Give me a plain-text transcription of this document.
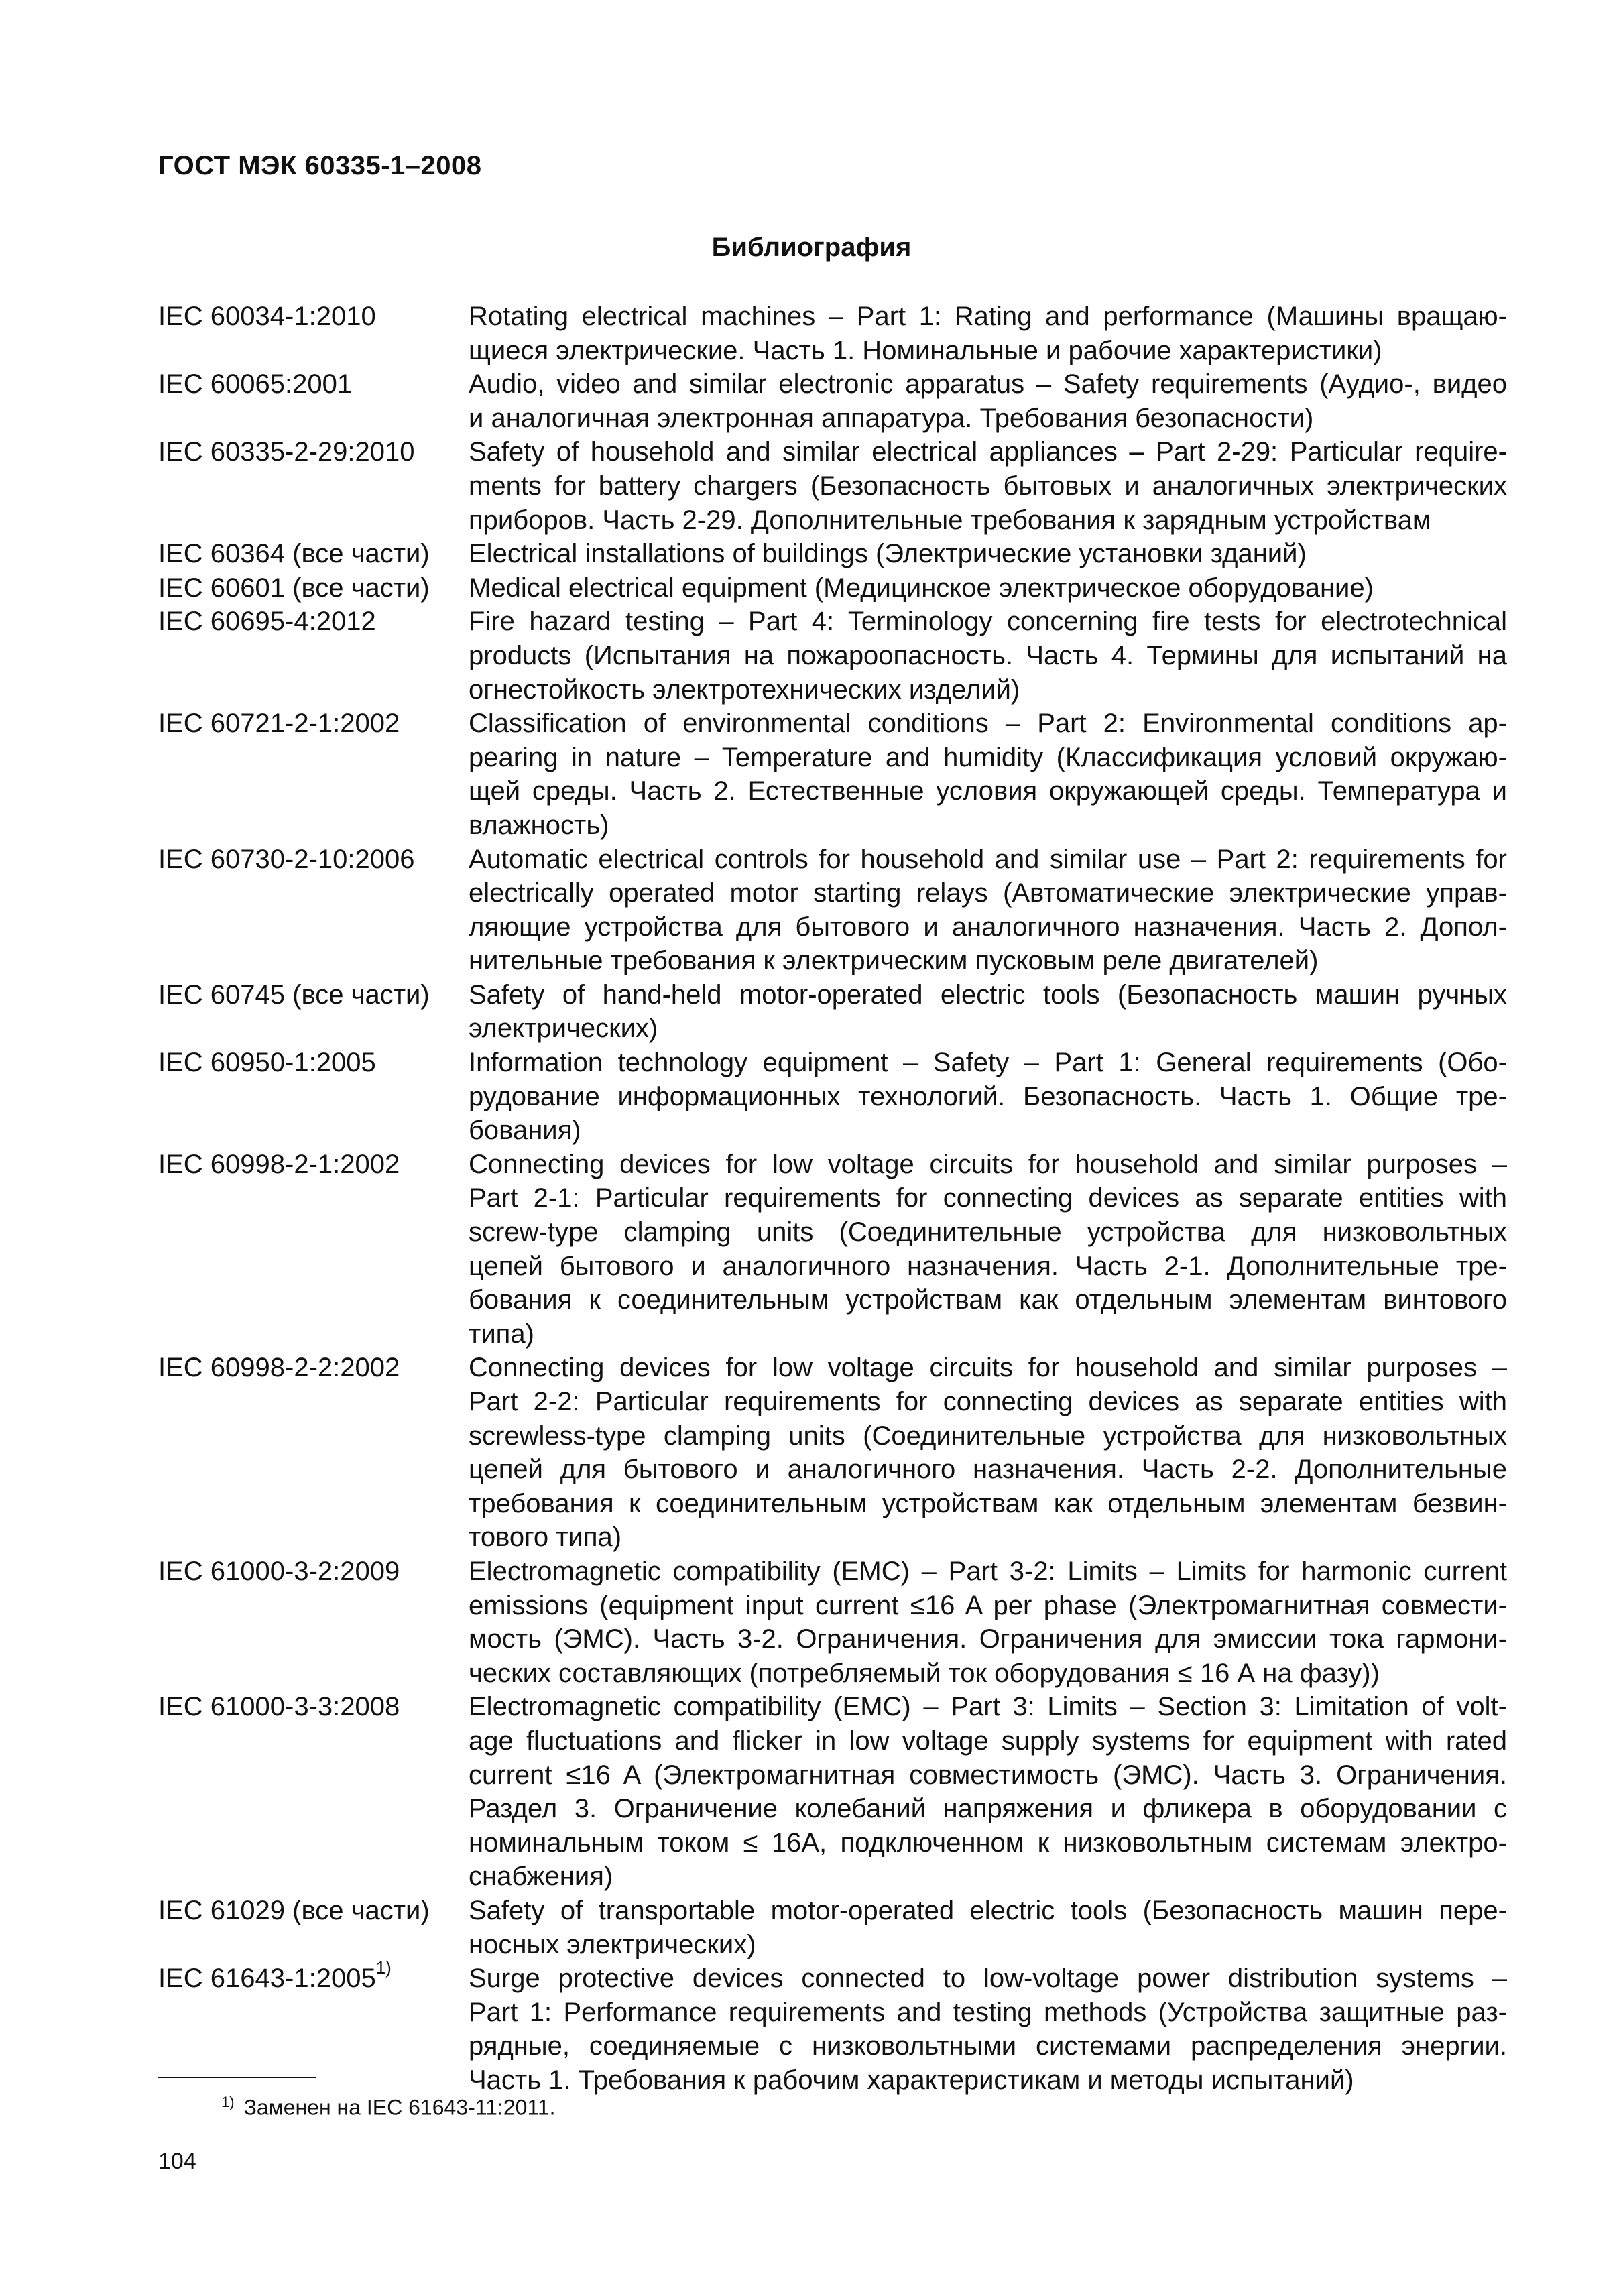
ГОСТ МЭК 60335-1–2008
Библиография
IEC 60034-1:2010	Rotating electrical machines – Part 1: Rating and performance (Машины вращаю-
щиеся электрические. Часть 1. Номинальные и рабочие характеристики)
IEC 60065:2001	Audio, video and similar electronic apparatus – Safety requirements (Аудио-, видео
и аналогичная электронная аппаратура. Требования безопасности)
IEC 60335-2-29:2010	Safety of household and similar electrical appliances – Part 2-29: Particular require-
ments for battery chargers (Безопасность бытовых и аналогичных электрических
приборов. Часть 2-29. Дополнительные требования к зарядным устройствам
IEC 60364 (все части)	Electrical installations of buildings (Электрические установки зданий)
IEC 60601 (все части)	Medical electrical equipment (Медицинское электрическое оборудование)
IEC 60695-4:2012	Fire hazard testing – Part 4: Terminology concerning fire tests for electrotechnical
products (Испытания на пожароопасность. Часть 4. Термины для испытаний на
огнестойкость электротехнических изделий)
IEC 60721-2-1:2002	Classification of environmental conditions – Part 2: Environmental conditions ap-
pearing in nature – Temperature and humidity (Классификация условий окружаю-
щей среды. Часть 2. Естественные условия окружающей среды. Температура и
влажность)
IEC 60730-2-10:2006	Automatic electrical controls for household and similar use – Part 2: requirements for
electrically operated motor starting relays (Автоматические электрические управ-
ляющие устройства для бытового и аналогичного назначения. Часть 2. Допол-
нительные требования к электрическим пусковым реле двигателей)
IEC 60745 (все части)	Safety of hand-held motor-operated electric tools (Безопасность машин ручных
электрических)
IEC 60950-1:2005	Information technology equipment – Safety – Part 1: General requirements (Обо-
рудование информационных технологий. Безопасность. Часть 1. Общие тре-
бования)
IEC 60998-2-1:2002	Connecting devices for low voltage circuits for household and similar purposes –
Part 2-1: Particular requirements for connecting devices as separate entities with
screw-type clamping units (Соединительные устройства для низковольтных
цепей бытового и аналогичного назначения. Часть 2-1. Дополнительные тре-
бования к соединительным устройствам как отдельным элементам винтового
типа)
IEC 60998-2-2:2002	Connecting devices for low voltage circuits for household and similar purposes –
Part 2-2: Particular requirements for connecting devices as separate entities with
screwless-type clamping units (Соединительные устройства для низковольтных
цепей для бытового и аналогичного назначения. Часть 2-2. Дополнительные
требования к соединительным устройствам как отдельным элементам безвин-
тового типа)
IEC 61000-3-2:2009	Electromagnetic compatibility (EMC) – Part 3-2: Limits – Limits for harmonic current
emissions (equipment input current ≤16 A per phase (Электромагнитная совмести-
мость (ЭМС). Часть 3-2. Ограничения. Ограничения для эмиссии тока гармони-
ческих составляющих (потребляемый ток оборудования ≤ 16 А на фазу))
IEC 61000-3-3:2008	Electromagnetic compatibility (EMC) – Part 3: Limits – Section 3: Limitation of volt-
age fluctuations and flicker in low voltage supply systems for equipment with rated
current ≤16 A (Электромагнитная совместимость (ЭМС). Часть 3. Ограничения.
Раздел 3. Ограничение колебаний напряжения и фликера в оборудовании с
номинальным током ≤ 16А, подключенном к низковольтным системам электро-
снабжения)
IEC 61029 (все части)	Safety of transportable motor-operated electric tools (Безопасность машин пере-
носных электрических)
IEC 61643-1:2005$^{1)}$	Surge protective devices connected to low-voltage power distribution systems –
Part 1: Performance requirements and testing methods (Устройства защитные раз-
рядные, соединяемые с низковольтными системами распределения энергии.
Часть 1. Требования к рабочим характеристикам и методы испытаний)
$^{1)}$ Заменен на IEC 61643-11:2011.
104
